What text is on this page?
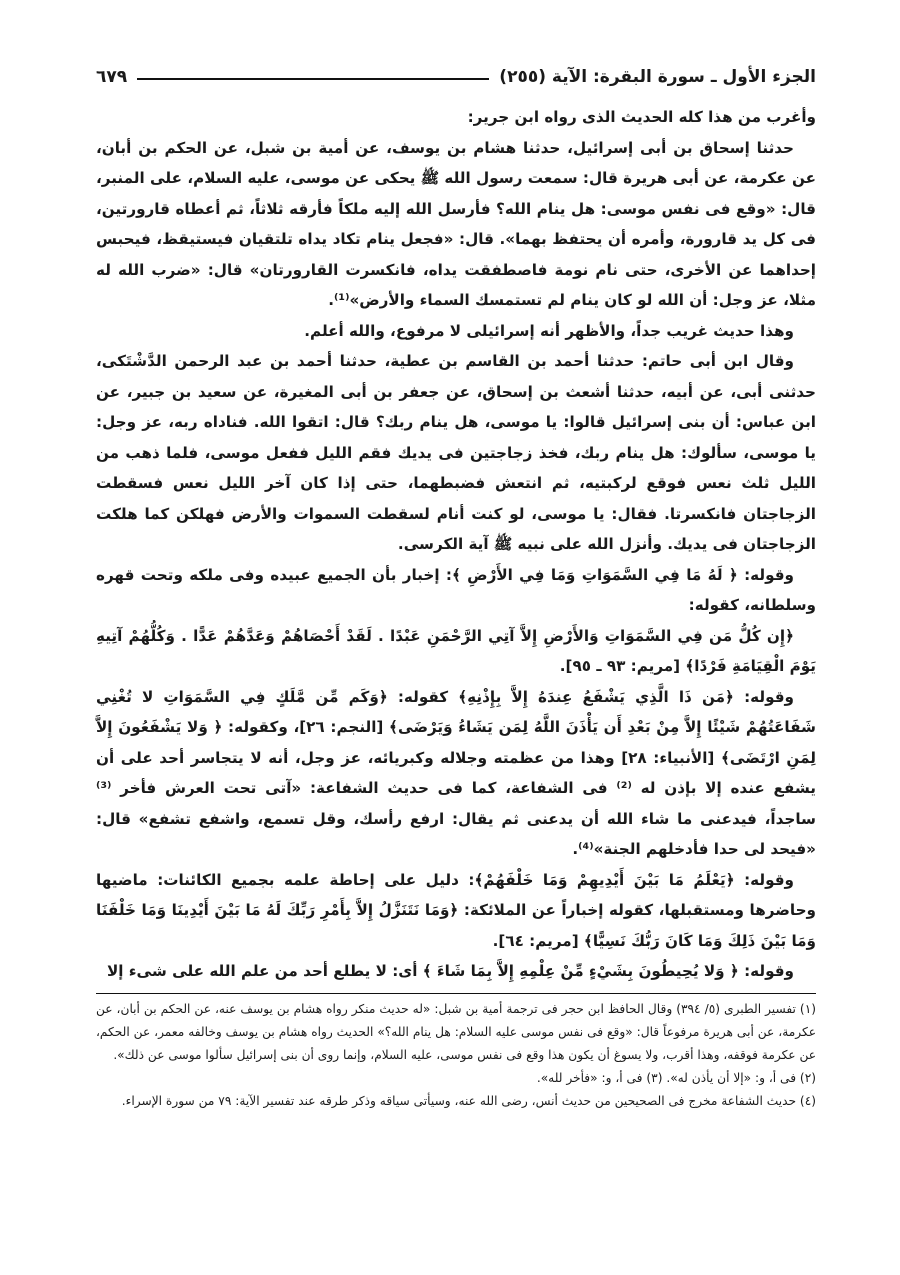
الجزء الأول ـ سورة البقرة: الآية (٢٥٥)
٦٧٩

وأغرب من هذا كله الحديث الذى رواه ابن جرير:

حدثنا إسحاق بن أبى إسرائيل، حدثنا هشام بن يوسف، عن أمية بن شبل، عن الحكم بن أبان، عن عكرمة، عن أبى هريرة قال: سمعت رسول الله ﷺ يحكى عن موسى، عليه السلام، على المنبر، قال: «وقع فى نفس موسى: هل ينام الله؟ فأرسل الله إليه ملكاً فأرقه ثلاثاً، ثم أعطاه قارورتين، فى كل يد قارورة، وأمره أن يحتفظ بهما». قال: «فجعل ينام تكاد يداه تلتقيان فيستيقظ، فيحبس إحداهما عن الأخرى، حتى نام نومة فاصطفقت يداه، فانكسرت القارورتان» قال: «ضرب الله له مثلا، عز وجل: أن الله لو كان ينام لم تستمسك السماء والأرض»⁽¹⁾.

وهذا حديث غريب جداً، والأظهر أنه إسرائيلى لا مرفوع، والله أعلم.

وقال ابن أبى حاتم: حدثنا أحمد بن القاسم بن عطية، حدثنا أحمد بن عبد الرحمن الدَّشْتَكى، حدثنى أبى، عن أبيه، حدثنا أشعث بن إسحاق، عن جعفر بن أبى المغيرة، عن سعيد بن جبير، عن ابن عباس: أن بنى إسرائيل قالوا: يا موسى، هل ينام ربك؟ قال: اتقوا الله. فناداه ربه، عز وجل: يا موسى، سألوك: هل ينام ربك، فخذ زجاجتين فى يديك فقم الليل ففعل موسى، فلما ذهب من الليل ثلث نعس فوقع لركبتيه، ثم انتعش فضبطهما، حتى إذا كان آخر الليل نعس فسقطت الزجاجتان فانكسرتا. فقال: يا موسى، لو كنت أنام لسقطت السموات والأرض فهلكن كما هلكت الزجاجتان فى يديك. وأنزل الله على نبيه ﷺ آية الكرسى.

وقوله: ﴿ لَهُ مَا فِي السَّمَوَاتِ وَمَا فِي الأَرْضِ ﴾: إخبار بأن الجميع عبيده وفى ملكه وتحت قهره وسلطانه، كقوله:

﴿إِن كُلُّ مَن فِي السَّمَوَاتِ وَالأَرْضِ إِلاَّ آتِي الرَّحْمَنِ عَبْدًا . لَقَدْ أَحْصَاهُمْ وَعَدَّهُمْ عَدًّا . وَكُلُّهُمْ آتِيهِ يَوْمَ الْقِيَامَةِ فَرْدًا﴾ [مريم: ٩٣ ـ ٩٥].

وقوله: ﴿مَن ذَا الَّذِي يَشْفَعُ عِندَهُ إِلاَّ بِإِذْنِهِ﴾ كقوله: ﴿وَكَم مِّن مَّلَكٍ فِي السَّمَوَاتِ لا تُغْنِي شَفَاعَتُهُمْ شَيْئًا إِلاَّ مِنْ بَعْدِ أَن يَأْذَنَ اللَّهُ لِمَن يَشَاءُ وَيَرْضَى﴾ [النجم: ٢٦]، وكقوله: ﴿ وَلا يَشْفَعُونَ إِلاَّ لِمَنِ ارْتَضَى﴾ [الأنبياء: ٢٨] وهذا من عظمته وجلاله وكبريائه، عز وجل، أنه لا يتجاسر أحد على أن يشفع عنده إلا بإذن له ⁽²⁾ فى الشفاعة، كما فى حديث الشفاعة: «آتى تحت العرش فأخر ⁽³⁾ ساجداً، فيدعنى ما شاء الله أن يدعنى ثم يقال: ارفع رأسك، وقل تسمع، واشفع تشفع» قال: «فيحد لى حدا فأدخلهم الجنة»⁽⁴⁾.

وقوله: ﴿يَعْلَمُ مَا بَيْنَ أَيْدِيهِمْ وَمَا خَلْفَهُمْ﴾: دليل على إحاطة علمه بجميع الكائنات: ماضيها وحاضرها ومستقبلها، كقوله إخباراً عن الملائكة: ﴿وَمَا نَتَنَزَّلُ إِلاَّ بِأَمْرِ رَبِّكَ لَهُ مَا بَيْنَ أَيْدِينَا وَمَا خَلْفَنَا وَمَا بَيْنَ ذَلِكَ وَمَا كَانَ رَبُّكَ نَسِيًّا﴾ [مريم: ٦٤].

وقوله: ﴿ وَلا يُحِيطُونَ بِشَيْءٍ مِّنْ عِلْمِهِ إِلاَّ بِمَا شَاءَ ﴾ أى: لا يطلع أحد من علم الله على شىء إلا

(١) تفسير الطبرى (٥/ ٣٩٤) وقال الحافظ ابن حجر فى ترجمة أمية بن شبل: «له حديث منكر رواه هشام بن يوسف عنه، عن الحكم بن أبان، عن عكرمة، عن أبى هريرة مرفوعاً قال: «وقع فى نفس موسى عليه السلام: هل ينام الله؟» الحديث رواه هشام بن يوسف وخالفه معمر، عن الحكم، عن عكرمة فوقفه، وهذا أقرب، ولا يسوغ أن يكون هذا وقع فى نفس موسى، عليه السلام، وإنما روى أن بنى إسرائيل سألوا موسى عن ذلك».

(٢) فى أ، و: «إلا أن يأذن له». (٣) فى أ، و: «فأخر لله».

(٤) حديث الشفاعة مخرج فى الصحيحين من حديث أنس، رضى الله عنه، وسيأتى سياقه وذكر طرقه عند تفسير الآية: ٧٩ من سورة الإسراء.
